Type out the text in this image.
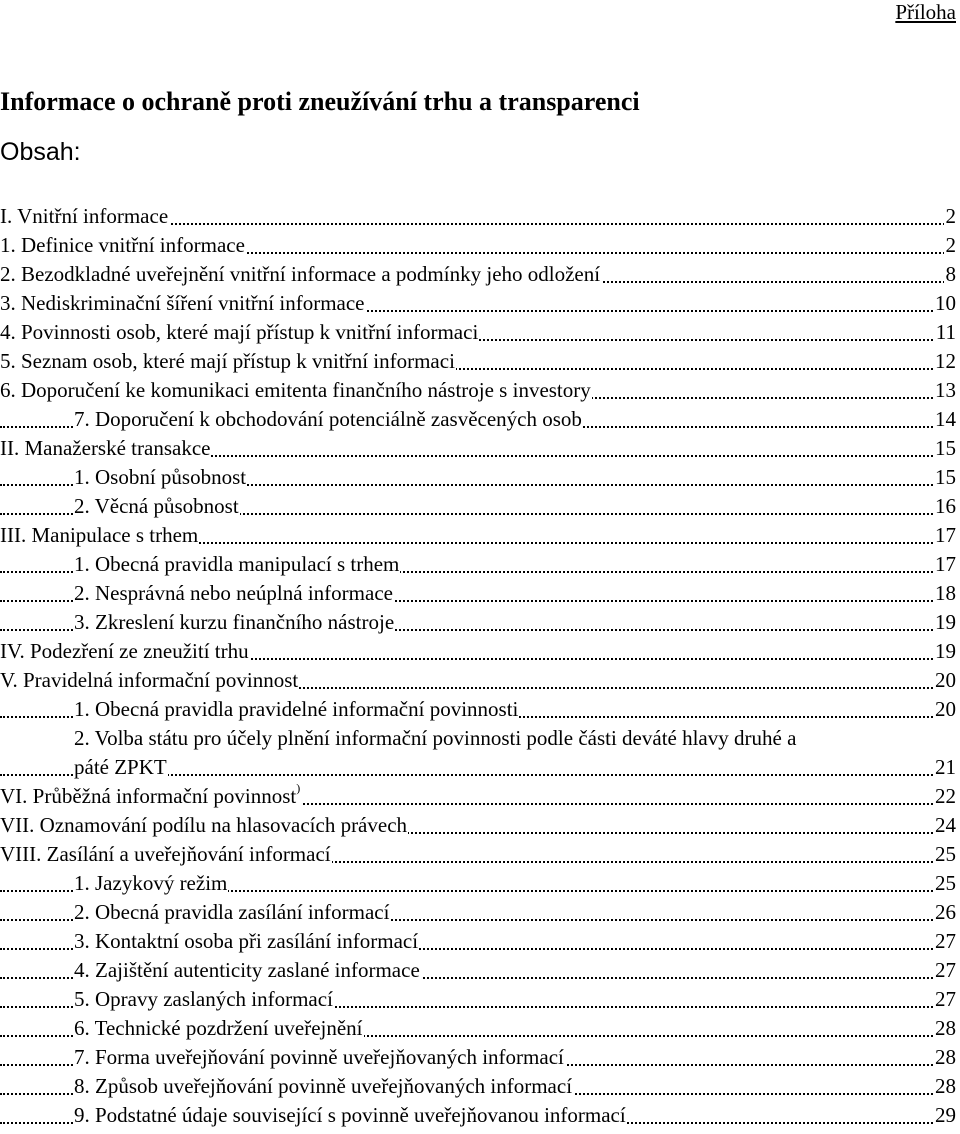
Příloha
Informace o ochraně proti zneužívání trhu a transparenci
Obsah:
I. Vnitřní informace	2
1. Definice vnitřní informace	2
2. Bezodkladné uveřejnění vnitřní informace a podmínky jeho odložení	8
3. Nediskriminační šíření vnitřní informace	10
4. Povinnosti osob, které mají přístup k vnitřní informaci	11
5. Seznam osob, které mají přístup k vnitřní informaci	12
6. Doporučení ke komunikaci emitenta finančního nástroje s investory	13
7. Doporučení k obchodování potenciálně zasvěcených osob	14
II. Manažerské transakce	15
1. Osobní působnost	15
2. Věcná působnost	16
III. Manipulace s trhem	17
1. Obecná pravidla manipulací s trhem	17
2. Nesprávná nebo neúplná informace	18
3. Zkreslení kurzu finančního nástroje	19
IV. Podezření ze zneužití trhu	19
V. Pravidelná informační povinnost	20
1. Obecná pravidla pravidelné informační povinnosti	20
2. Volba státu pro účely plnění informační povinnosti podle části deváté hlavy druhé a
páté ZPKT	21
VI. Průběžná informační povinnost)	22
VII. Oznamování podílu na hlasovacích právech	24
VIII. Zasílání a uveřejňování informací	25
1. Jazykový režim	25
2. Obecná pravidla zasílání informací	26
3. Kontaktní osoba při zasílání informací	27
4. Zajištění autenticity zaslané informace	27
5. Opravy zaslaných informací	27
6. Technické pozdržení uveřejnění	28
7. Forma uveřejňování povinně uveřejňovaných informací	28
8. Způsob uveřejňování povinně uveřejňovaných informací	28
9. Podstatné údaje související s povinně uveřejňovanou informací	29
